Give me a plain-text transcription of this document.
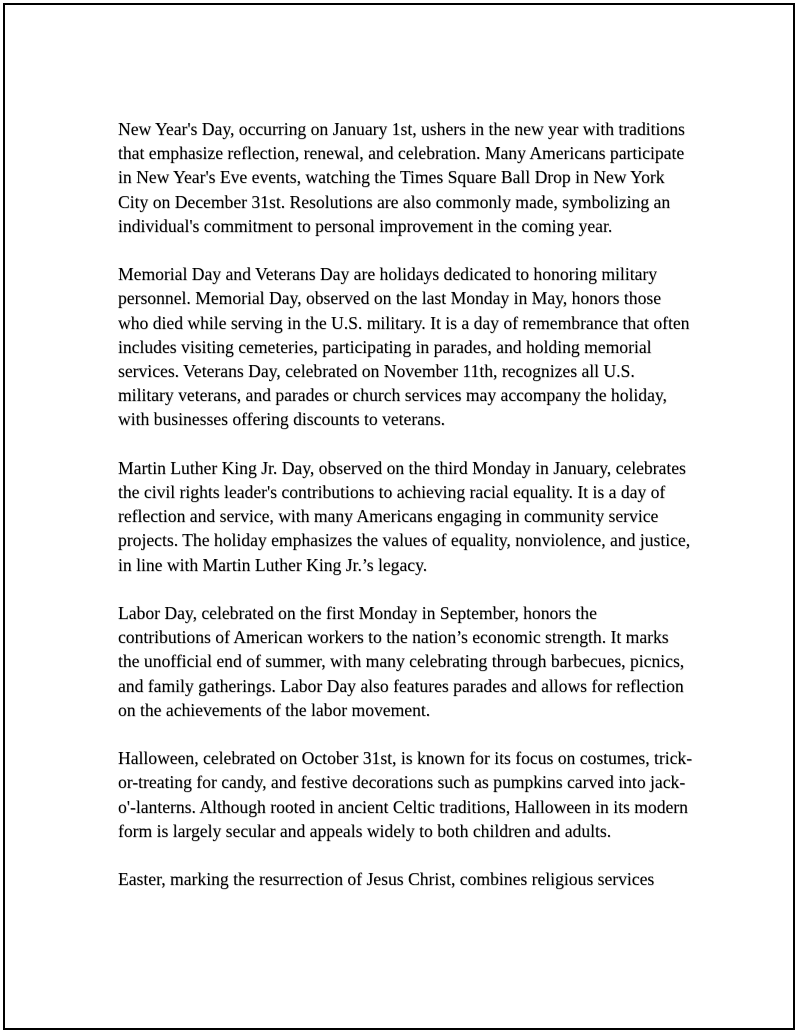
New Year's Day, occurring on January 1st, ushers in the new year with traditions that emphasize reflection, renewal, and celebration. Many Americans participate in New Year's Eve events, watching the Times Square Ball Drop in New York City on December 31st. Resolutions are also commonly made, symbolizing an individual's commitment to personal improvement in the coming year.

Memorial Day and Veterans Day are holidays dedicated to honoring military personnel. Memorial Day, observed on the last Monday in May, honors those who died while serving in the U.S. military. It is a day of remembrance that often includes visiting cemeteries, participating in parades, and holding memorial services. Veterans Day, celebrated on November 11th, recognizes all U.S. military veterans, and parades or church services may accompany the holiday, with businesses offering discounts to veterans.

Martin Luther King Jr. Day, observed on the third Monday in January, celebrates the civil rights leader's contributions to achieving racial equality. It is a day of reflection and service, with many Americans engaging in community service projects. The holiday emphasizes the values of equality, nonviolence, and justice, in line with Martin Luther King Jr.’s legacy.

Labor Day, celebrated on the first Monday in September, honors the contributions of American workers to the nation’s economic strength. It marks the unofficial end of summer, with many celebrating through barbecues, picnics, and family gatherings. Labor Day also features parades and allows for reflection on the achievements of the labor movement.

Halloween, celebrated on October 31st, is known for its focus on costumes, trick-or-treating for candy, and festive decorations such as pumpkins carved into jack-o'-lanterns. Although rooted in ancient Celtic traditions, Halloween in its modern form is largely secular and appeals widely to both children and adults.

Easter, marking the resurrection of Jesus Christ, combines religious services
